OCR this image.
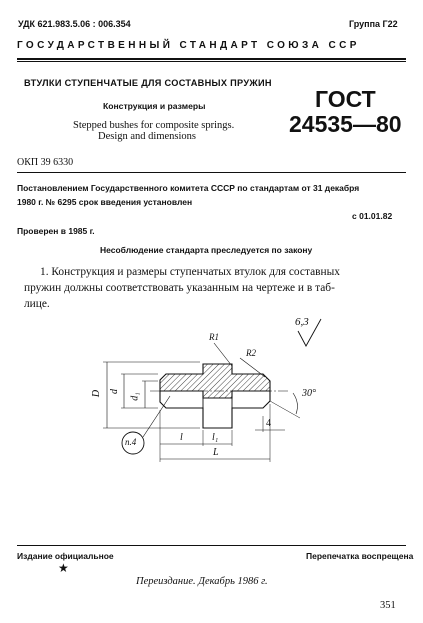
УДК 621.983.5.06 : 006.354	Группа Г22
ГОСУДАРСТВЕННЫЙ СТАНДАРТ СОЮЗА ССР
ВТУЛКИ СТУПЕНЧАТЫЕ ДЛЯ СОСТАВНЫХ ПРУЖИН
Конструкция и размеры
Stepped bushes for composite springs.
Design and dimensions
ГОСТ
24535—80
ОКП 39 6330
Постановлением Государственного комитета СССР по стандартам от 31 декабря
1980 г. № 6295 срок введения установлен
с 01.01.82
Проверен в 1985 г.
Несоблюдение стандарта преследуется по закону
1. Конструкция и размеры ступенчатых втулок для составных
пружин должны соответствовать указанным на чертеже и в таб-
лице.
6,3
R1
R2
30°
D d
d₁
l	l₁
L
4
n.4
Издание официальное	Перепечатка воспрещена
★
Переиздание. Декабрь 1986 г.
351
